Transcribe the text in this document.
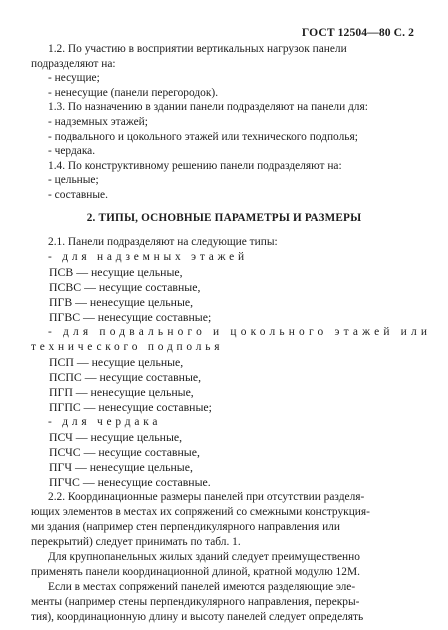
ГОСТ 12504—80 С. 2
1.2. По участию в восприятии вертикальных нагрузок панели
подразделяют на:
- несущие;
- ненесущие (панели перегородок).
1.3. По назначению в здании панели подразделяют на панели для:
- надземных этажей;
- подвального и цокольного этажей или технического подполья;
- чердака.
1.4. По конструктивному решению панели подразделяют на:
- цельные;
- составные.
2. ТИПЫ, ОСНОВНЫЕ ПАРАМЕТРЫ И РАЗМЕРЫ
2.1. Панели подразделяют на следующие типы:
- для надземных этажей
ПСВ — несущие цельные,
ПСВС — несущие составные,
ПГВ — ненесущие цельные,
ПГВС — ненесущие составные;
- для подвального и цокольного этажей или
технического подполья
ПСП — несущие цельные,
ПСПС — несущие составные,
ПГП — ненесущие цельные,
ПГПС — ненесущие составные;
- для чердака
ПСЧ — несущие цельные,
ПСЧС — несущие составные,
ПГЧ — ненесущие цельные,
ПГЧС — ненесущие составные.
2.2. Координационные размеры панелей при отсутствии разделя-
ющих элементов в местах их сопряжений со смежными конструкция-
ми здания (например стен перпендикулярного направления или
перекрытий) следует принимать по табл. 1.
Для крупнопанельных жилых зданий следует преимущественно
применять панели координационной длиной, кратной модулю 12М.
Если в местах сопряжений панелей имеются разделяющие эле-
менты (например стены перпендикулярного направления, перекры-
тия), координационную длину и высоту панелей следует определять
